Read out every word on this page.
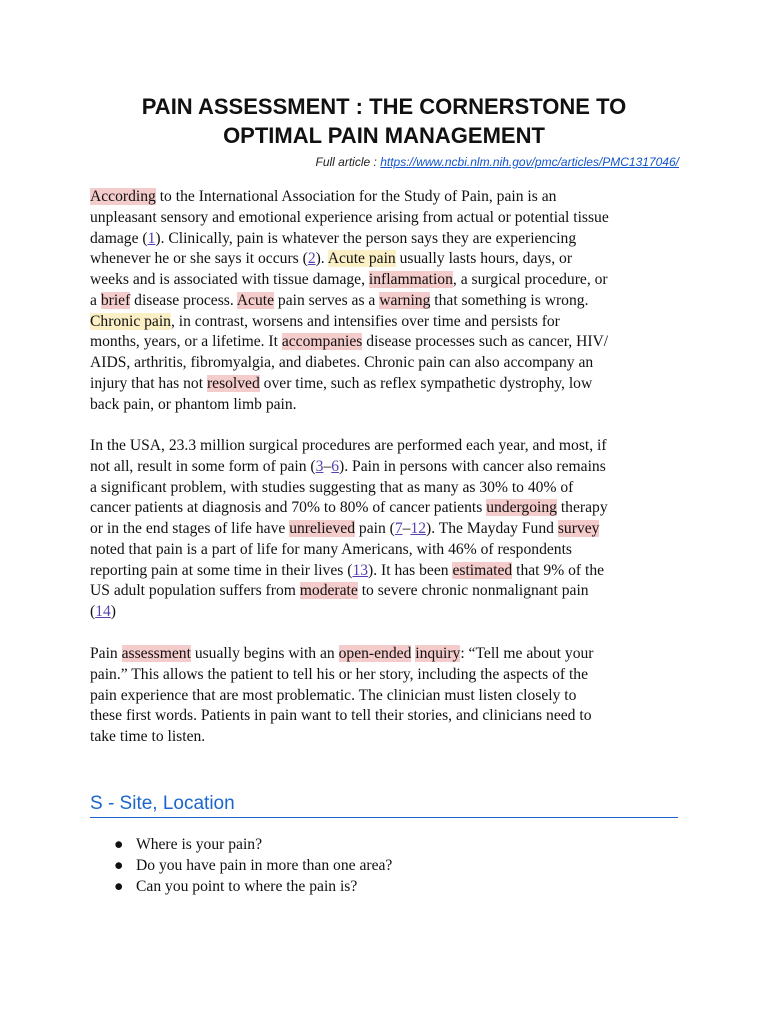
PAIN ASSESSMENT : THE CORNERSTONE TO
OPTIMAL PAIN MANAGEMENT
Full article : https://www.ncbi.nlm.nih.gov/pmc/articles/PMC1317046/

According to the International Association for the Study of Pain, pain is an
unpleasant sensory and emotional experience arising from actual or potential tissue
damage (1). Clinically, pain is whatever the person says they are experiencing
whenever he or she says it occurs (2). Acute pain usually lasts hours, days, or
weeks and is associated with tissue damage, inflammation, a surgical procedure, or
a brief disease process. Acute pain serves as a warning that something is wrong.
Chronic pain, in contrast, worsens and intensifies over time and persists for
months, years, or a lifetime. It accompanies disease processes such as cancer, HIV/
AIDS, arthritis, fibromyalgia, and diabetes. Chronic pain can also accompany an
injury that has not resolved over time, such as reflex sympathetic dystrophy, low
back pain, or phantom limb pain.

In the USA, 23.3 million surgical procedures are performed each year, and most, if
not all, result in some form of pain (3–6). Pain in persons with cancer also remains
a significant problem, with studies suggesting that as many as 30% to 40% of
cancer patients at diagnosis and 70% to 80% of cancer patients undergoing therapy
or in the end stages of life have unrelieved pain (7–12). The Mayday Fund survey
noted that pain is a part of life for many Americans, with 46% of respondents
reporting pain at some time in their lives (13). It has been estimated that 9% of the
US adult population suffers from moderate to severe chronic nonmalignant pain
(14)

Pain assessment usually begins with an open-ended inquiry: “Tell me about your
pain.” This allows the patient to tell his or her story, including the aspects of the
pain experience that are most problematic. The clinician must listen closely to
these first words. Patients in pain want to tell their stories, and clinicians need to
take time to listen.

S - Site, Location
● Where is your pain?
● Do you have pain in more than one area?
● Can you point to where the pain is?
